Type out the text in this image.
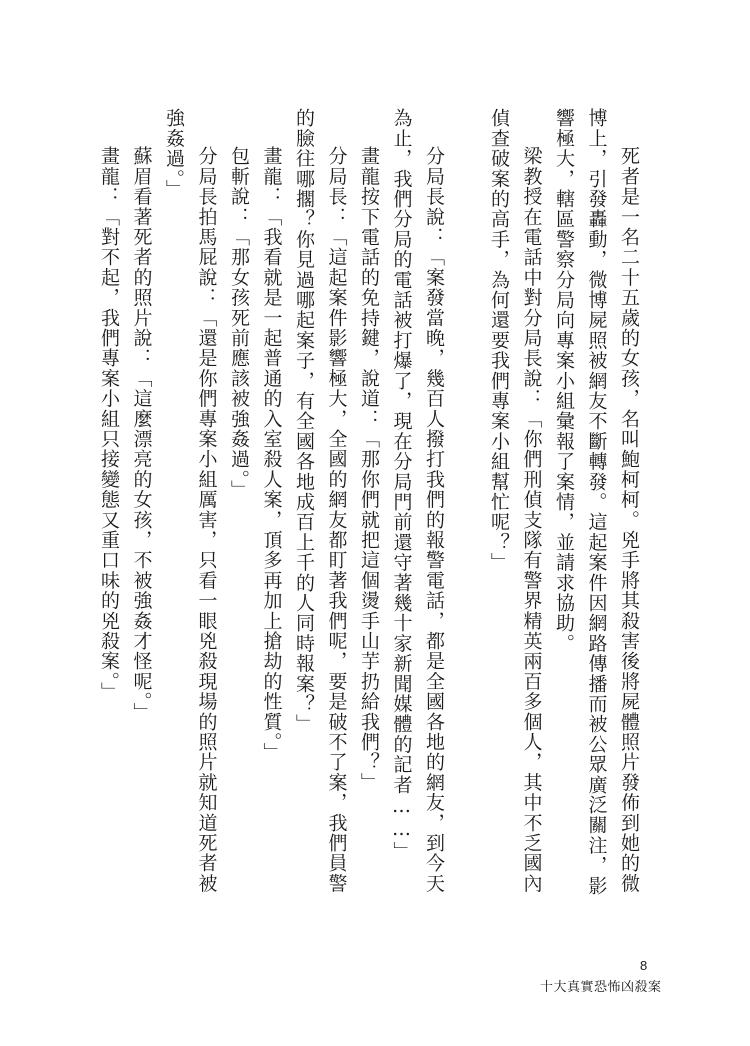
死者是一名二十五歲的女孩，名叫鮑柯柯。兇手將其殺害後將屍體照片發佈到她的微博上，引發轟動，微博屍照被網友不斷轉發。這起案件因網路傳播而被公眾廣泛關注，影響極大，轄區警察分局向專案小組彙報了案情，並請求協助。

梁教授在電話中對分局長說：「你們刑偵支隊有警界精英兩百多個人，其中不乏國內偵查破案的高手，為何還要我們專案小組幫忙呢？」

分局長說：「案發當晚，幾百人撥打我們的報警電話，都是全國各地的網友，到今天為止，我們分局的電話被打爆了，現在分局門前還守著幾十家新聞媒體的記者……」

畫龍按下電話的免持鍵，說道：「那你們就把這個燙手山芋扔給我們？」

分局長：「這起案件影響極大，全國的網友都盯著我們呢，要是破不了案，我們員警的臉往哪擱？你見過哪起案子，有全國各地成百上千的人同時報案？」

畫龍：「我看就是一起普通的入室殺人案，頂多再加上搶劫的性質。」

包斬說：「那女孩死前應該被強姦過。」

分局長拍馬屁說：「還是你們專案小組厲害，只看一眼兇殺現場的照片就知道死者被強姦過。」

蘇眉看著死者的照片說：「這麼漂亮的女孩，不被強姦才怪呢。」

畫龍：「對不起，我們專案小組只接變態又重口味的兇殺案。」

8
十大真實恐怖凶殺案
